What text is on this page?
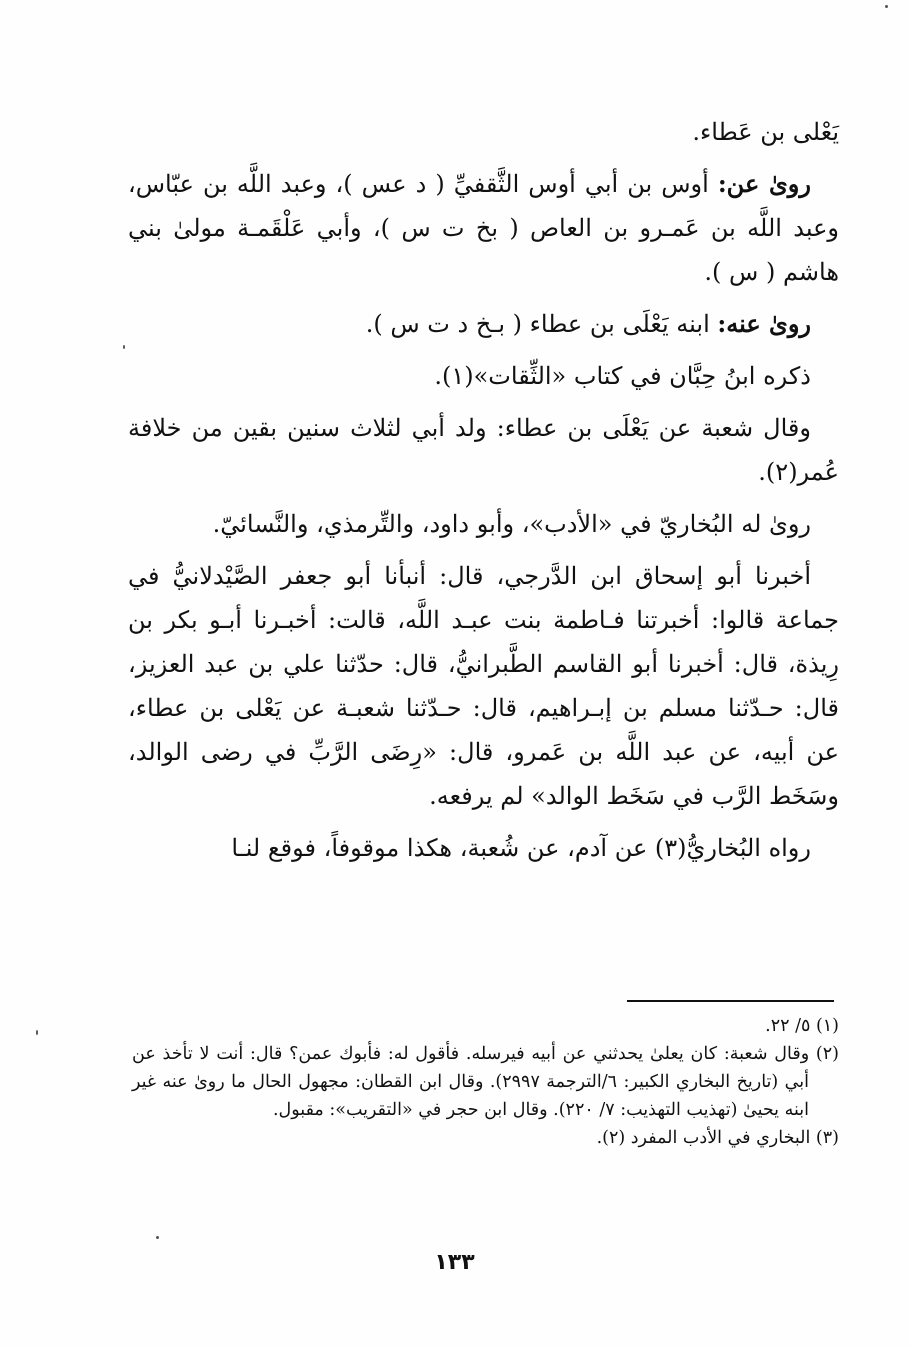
يَعْلى بن عَطاء.

روىٰ عن: أوس بن أبي أوس الثَّقفيِّ ( د عس )، وعبد اللَّه بن عبّاس، وعبد اللَّه بن عَمـرو بن العاص ( بخ ت س )، وأبي عَلْقَمـة مولىٰ بني هاشم ( س ).

روىٰ عنه: ابنه يَعْلَى بن عطاء ( بـخ د ت س ).

ذكره ابنُ حِبَّان في كتاب «الثِّقات»(١).

وقال شعبة عن يَعْلَى بن عطاء: ولد أبي لثلاث سنين بقين من خلافة عُمر(٢).

روىٰ له البُخاريّ في «الأدب»، وأبو داود، والتِّرمذي، والنَّسائيّ.

أخبرنا أبو إسحاق ابن الدَّرجي، قال: أنبأنا أبو جعفر الصَّيْدلانيُّ في جماعة قالوا: أخبرتنا فـاطمة بنت عبـد اللَّه، قالت: أخبـرنا أبـو بكر بن رِيذة، قال: أخبرنا أبو القاسم الطَّبرانيُّ، قال: حدّثنا علي بن عبد العزيز، قال: حـدّثنا مسلم بن إبـراهيم، قال: حـدّثنا شعبـة عن يَعْلى بن عطاء، عن أبيه، عن عبد اللَّه بن عَمرو، قال: «رِضَى الرَّبِّ في رضى الوالد، وسَخَط الرَّب في سَخَط الوالد» لم يرفعه.

رواه البُخاريُّ(٣) عن آدم، عن شُعبة، هكذا موقوفاً، فوقع لنـا

(١) ٥/ ٢٢.

(٢) وقال شعبة: كان يعلىٰ يحدثني عن أبيه فيرسله. فأقول له: فأبوك عمن؟ قال: أنت لا تأخذ عن أبي (تاريخ البخاري الكبير: ٦/الترجمة ٢٩٩٧). وقال ابن القطان: مجهول الحال ما روىٰ عنه غير ابنه يحيىٰ (تهذيب التهذيب: ٧/ ٢٢٠). وقال ابن حجر في «التقريب»: مقبول.

(٣) البخاري في الأدب المفرد (٢).

١٣٣
